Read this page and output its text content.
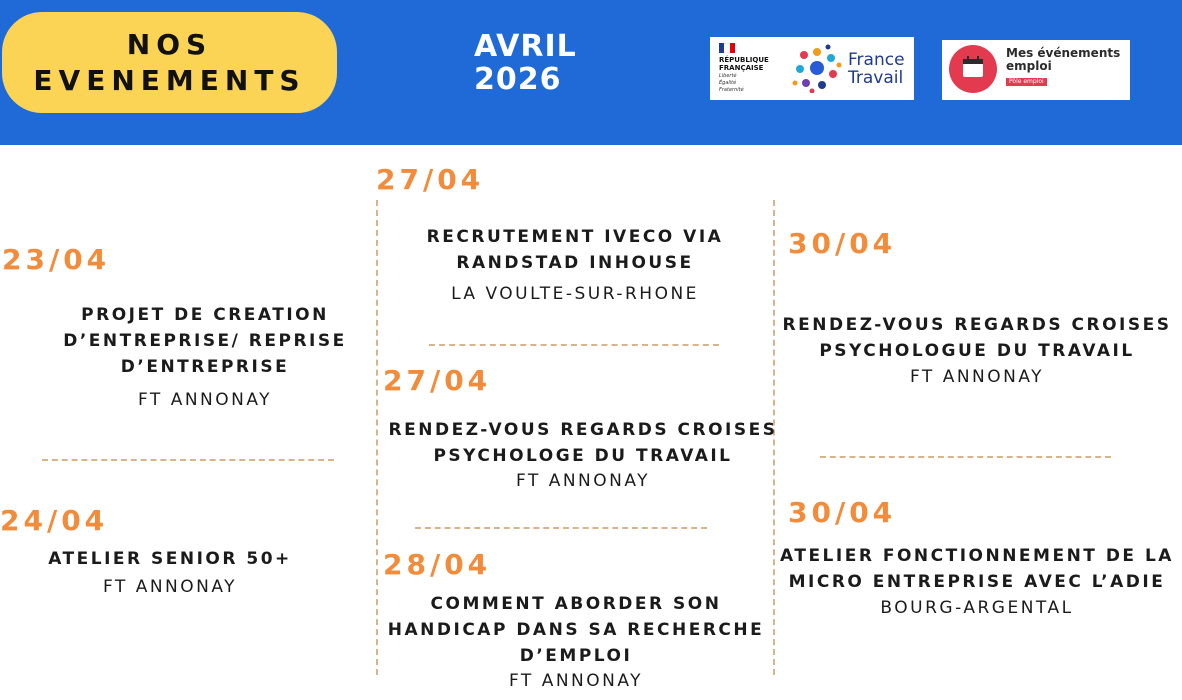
NOS
EVENEMENTS
AVRIL
2026
RÉPUBLIQUE
FRANÇAISE
Liberté
Égalité
Fraternité
France
Travail
Mes événements
emploi
Pôle emploi
23/04
PROJET DE CREATION
D’ENTREPRISE/ REPRISE
D’ENTREPRISE
FT ANNONAY
24/04
ATELIER SENIOR 50+
FT ANNONAY
27/04
RECRUTEMENT IVECO VIA
RANDSTAD INHOUSE
LA VOULTE-SUR-RHONE
27/04
RENDEZ-VOUS REGARDS CROISES
PSYCHOLOGE DU TRAVAIL
FT ANNONAY
28/04
COMMENT ABORDER SON
HANDICAP DANS SA RECHERCHE
D’EMPLOI
FT ANNONAY
30/04
RENDEZ-VOUS REGARDS CROISES
PSYCHOLOGUE DU TRAVAIL
FT ANNONAY
30/04
ATELIER FONCTIONNEMENT DE LA
MICRO ENTREPRISE AVEC L’ADIE
BOURG-ARGENTAL
